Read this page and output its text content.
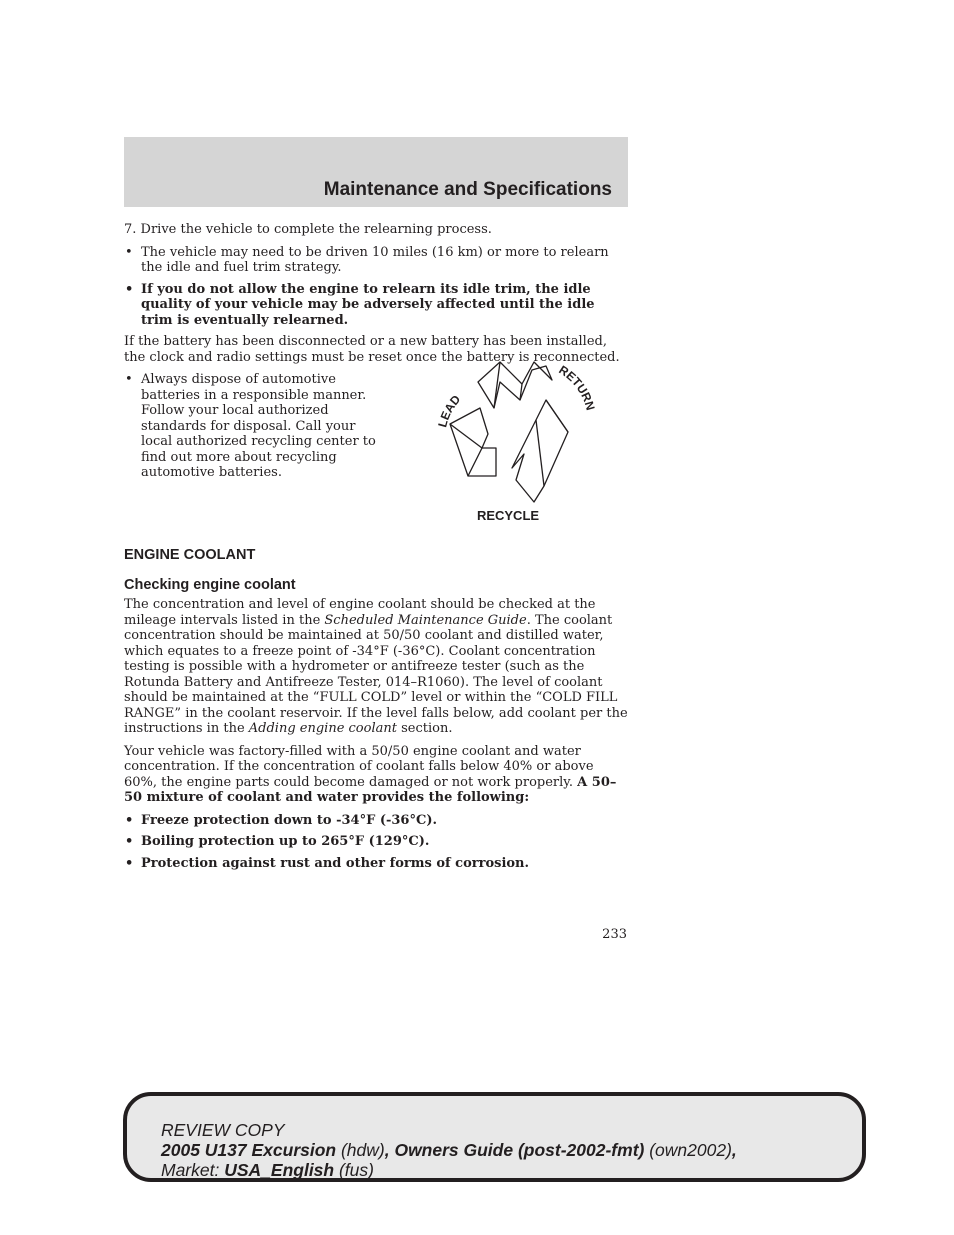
Maintenance and Specifications

7. Drive the vehicle to complete the relearning process.

• The vehicle may need to be driven 10 miles (16 km) or more to relearn the idle and fuel trim strategy.
• If you do not allow the engine to relearn its idle trim, the idle quality of your vehicle may be adversely affected until the idle trim is eventually relearned.

If the battery has been disconnected or a new battery has been installed, the clock and radio settings must be reset once the battery is reconnected.

• Always dispose of automotive batteries in a responsible manner. Follow your local authorized standards for disposal. Call your local authorized recycling center to find out more about recycling automotive batteries.
LEAD
RETURN
RECYCLE
ENGINE COOLANT
Checking engine coolant

The concentration and level of engine coolant should be checked at the mileage intervals listed in the Scheduled Maintenance Guide. The coolant concentration should be maintained at 50/50 coolant and distilled water, which equates to a freeze point of -34°F (-36°C). Coolant concentration testing is possible with a hydrometer or antifreeze tester (such as the Rotunda Battery and Antifreeze Tester, 014–R1060). The level of coolant should be maintained at the “FULL COLD” level or within the “COLD FILL RANGE” in the coolant reservoir. If the level falls below, add coolant per the instructions in the Adding engine coolant section.

Your vehicle was factory-filled with a 50/50 engine coolant and water concentration. If the concentration of coolant falls below 40% or above 60%, the engine parts could become damaged or not work properly. A 50–50 mixture of coolant and water provides the following:

• Freeze protection down to -34°F (-36°C).
• Boiling protection up to 265°F (129°C).
• Protection against rust and other forms of corrosion.
233
REVIEW COPY
2005 U137 Excursion (hdw), Owners Guide (post-2002-fmt) (own2002),
Market: USA_English (fus)
